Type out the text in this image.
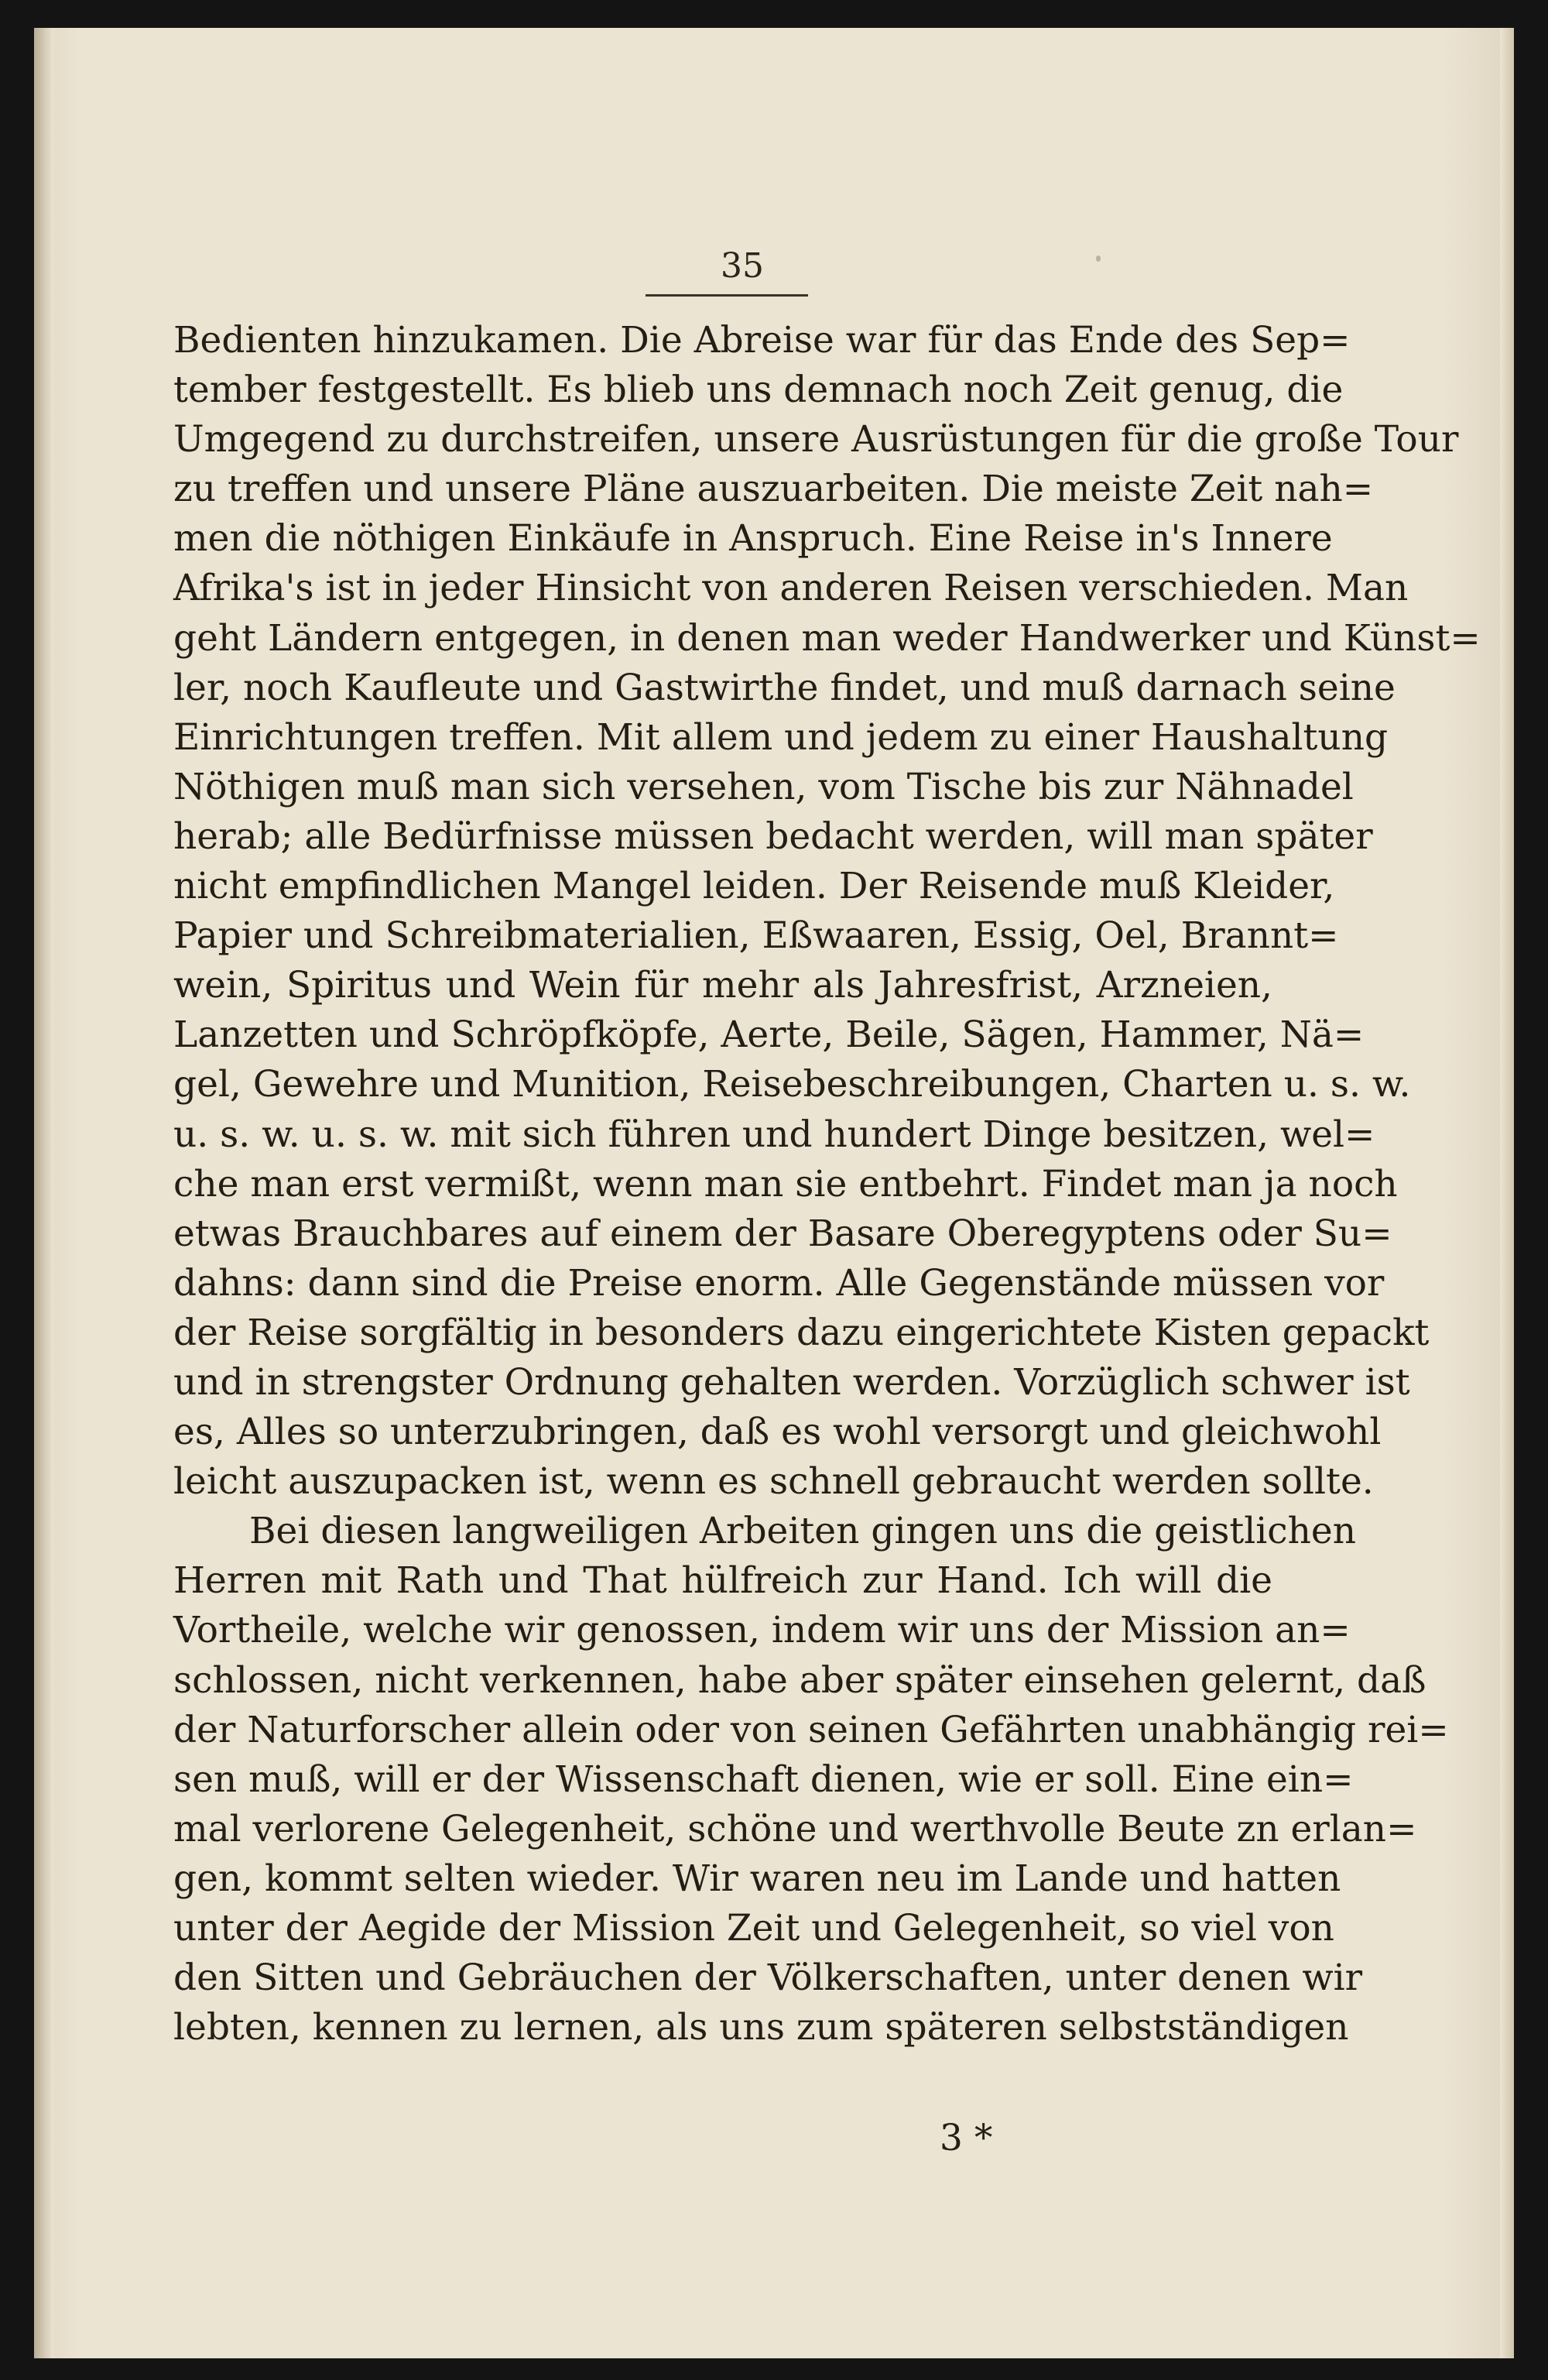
35
Bedienten hinzukamen. Die Abreise war für das Ende des Sep=
tember festgestellt. Es blieb uns demnach noch Zeit genug, die
Umgegend zu durchstreifen, unsere Ausrüstungen für die große Tour
zu treffen und unsere Pläne auszuarbeiten. Die meiste Zeit nah=
men die nöthigen Einkäufe in Anspruch. Eine Reise in's Innere
Afrika's ist in jeder Hinsicht von anderen Reisen verschieden. Man
geht Ländern entgegen, in denen man weder Handwerker und Künst=
ler, noch Kaufleute und Gastwirthe findet, und muß darnach seine
Einrichtungen treffen. Mit allem und jedem zu einer Haushaltung
Nöthigen muß man sich versehen, vom Tische bis zur Nähnadel
herab; alle Bedürfnisse müssen bedacht werden, will man später
nicht empfindlichen Mangel leiden. Der Reisende muß Kleider,
Papier und Schreibmaterialien, Eßwaaren, Essig, Oel, Brannt=
wein, Spiritus und Wein für mehr als Jahresfrist, Arzneien,
Lanzetten und Schröpfköpfe, Aerte, Beile, Sägen, Hammer, Nä=
gel, Gewehre und Munition, Reisebeschreibungen, Charten u. s. w.
u. s. w. u. s. w. mit sich führen und hundert Dinge besitzen, wel=
che man erst vermißt, wenn man sie entbehrt. Findet man ja noch
etwas Brauchbares auf einem der Basare Oberegyptens oder Su=
dahns: dann sind die Preise enorm. Alle Gegenstände müssen vor
der Reise sorgfältig in besonders dazu eingerichtete Kisten gepackt
und in strengster Ordnung gehalten werden. Vorzüglich schwer ist
es, Alles so unterzubringen, daß es wohl versorgt und gleichwohl
leicht auszupacken ist, wenn es schnell gebraucht werden sollte.
Bei diesen langweiligen Arbeiten gingen uns die geistlichen
Herren mit Rath und That hülfreich zur Hand. Ich will die
Vortheile, welche wir genossen, indem wir uns der Mission an=
schlossen, nicht verkennen, habe aber später einsehen gelernt, daß
der Naturforscher allein oder von seinen Gefährten unabhängig rei=
sen muß, will er der Wissenschaft dienen, wie er soll. Eine ein=
mal verlorene Gelegenheit, schöne und werthvolle Beute zn erlan=
gen, kommt selten wieder. Wir waren neu im Lande und hatten
unter der Aegide der Mission Zeit und Gelegenheit, so viel von
den Sitten und Gebräuchen der Völkerschaften, unter denen wir
lebten, kennen zu lernen, als uns zum späteren selbstständigen
3 *
